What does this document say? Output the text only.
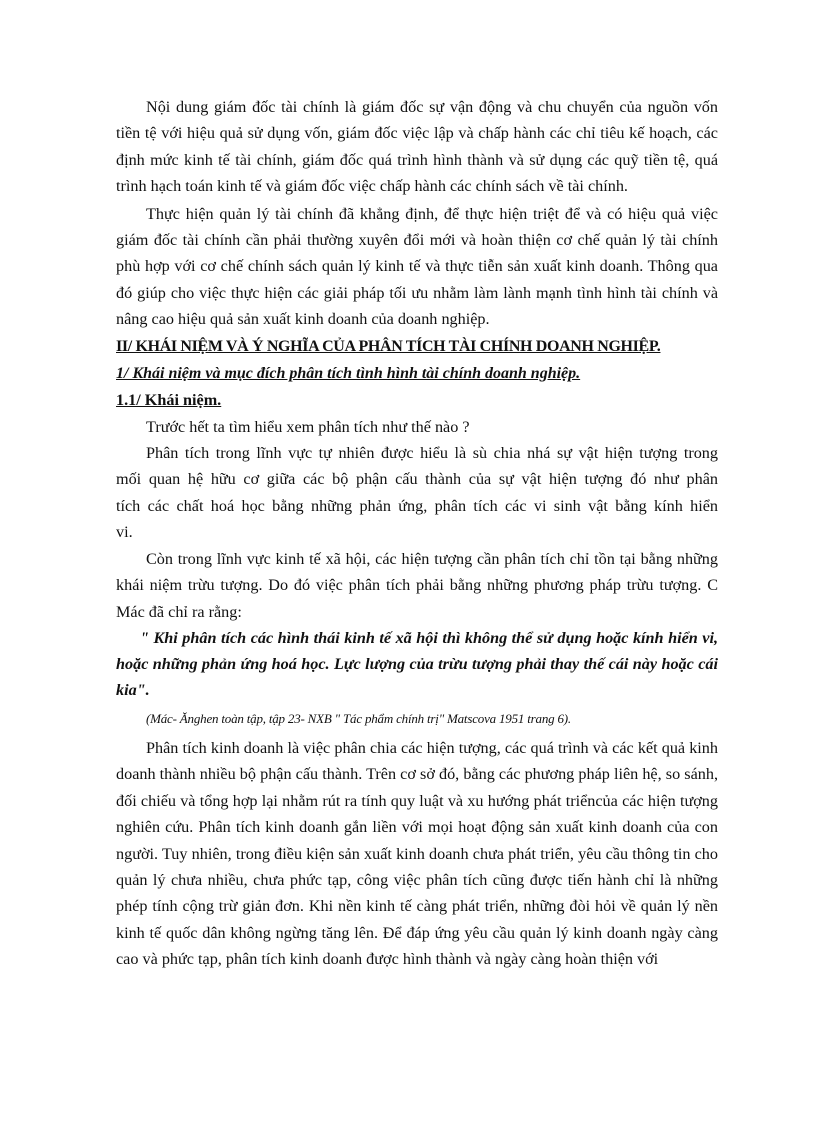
Nội dung giám đốc tài chính là giám đốc sự vận động và chu chuyển của nguồn vốn tiền tệ với hiệu quả sử dụng vốn, giám đốc việc lập và chấp hành các chỉ tiêu kế hoạch, các định mức kinh tế tài chính, giám đốc quá trình hình thành và sử dụng các quỹ tiền tệ, quá trình hạch toán kinh tế và giám đốc việc chấp hành các chính sách về tài chính.

Thực hiện quản lý tài chính đã khẳng định, để thực hiện triệt để và có hiệu quả việc giám đốc tài chính cần phải thường xuyên đổi mới và hoàn thiện cơ chế quản lý tài chính phù hợp với cơ chế chính sách quản lý kinh tế và thực tiễn sản xuất kinh doanh. Thông qua đó giúp cho việc thực hiện các giải pháp tối ưu nhằm làm lành mạnh tình hình tài chính và nâng cao hiệu quả sản xuất kinh doanh của doanh nghiệp.

II/ KHÁI NIỆM VÀ Ý NGHĨA CỦA PHÂN TÍCH TÀI CHÍNH DOANH NGHIỆP.

1/ Khái niệm và mục đích phân tích tình hình tài chính doanh nghiệp.

1.1/ Khái niệm.

Trước hết ta tìm hiểu xem phân tích như thế nào ?

Phân tích trong lĩnh vực tự nhiên được hiểu là sù chia nhá sự vật hiện tượng trong mối quan hệ hữu cơ giữa các bộ phận cấu thành của sự vật hiện tượng đó như phân tích các chất hoá học bằng những phản ứng, phân tích các vi sinh vật bằng kính hiển vi.

Còn trong lĩnh vực kinh tế xã hội, các hiện tượng cần phân tích chỉ tồn tại bằng những khái niệm trừu tượng. Do đó việc phân tích phải bằng những phương pháp trừu tượng. C Mác đã chỉ ra rằng:

" Khi phân tích các hình thái kinh tế xã hội thì không thể sử dụng hoặc kính hiển vi, hoặc những phản ứng hoá học. Lực lượng của trừu tượng phải thay thế cái này hoặc cái kia".

(Mác- Ănghen toàn tập, tập 23- NXB " Tác phẩm chính trị" Matscova 1951 trang 6).

Phân tích kinh doanh là việc phân chia các hiện tượng, các quá trình và các kết quả kinh doanh thành nhiều bộ phận cấu thành. Trên cơ sở đó, bằng các phương pháp liên hệ, so sánh, đối chiếu và tổng hợp lại nhằm rút ra tính quy luật và xu hướng phát triểncủa các hiện tượng nghiên cứu. Phân tích kinh doanh gắn liền với mọi hoạt động sản xuất kinh doanh của con người. Tuy nhiên, trong điều kiện sản xuất kinh doanh chưa phát triển, yêu cầu thông tin cho quản lý chưa nhiều, chưa phức tạp, công việc phân tích cũng được tiến hành chỉ là những phép tính cộng trừ giản đơn. Khi nền kinh tế càng phát triển, những đòi hỏi về quản lý nền kinh tế quốc dân không ngừng tăng lên. Để đáp ứng yêu cầu quản lý kinh doanh ngày càng cao và phức tạp, phân tích kinh doanh được hình thành và ngày càng hoàn thiện với
